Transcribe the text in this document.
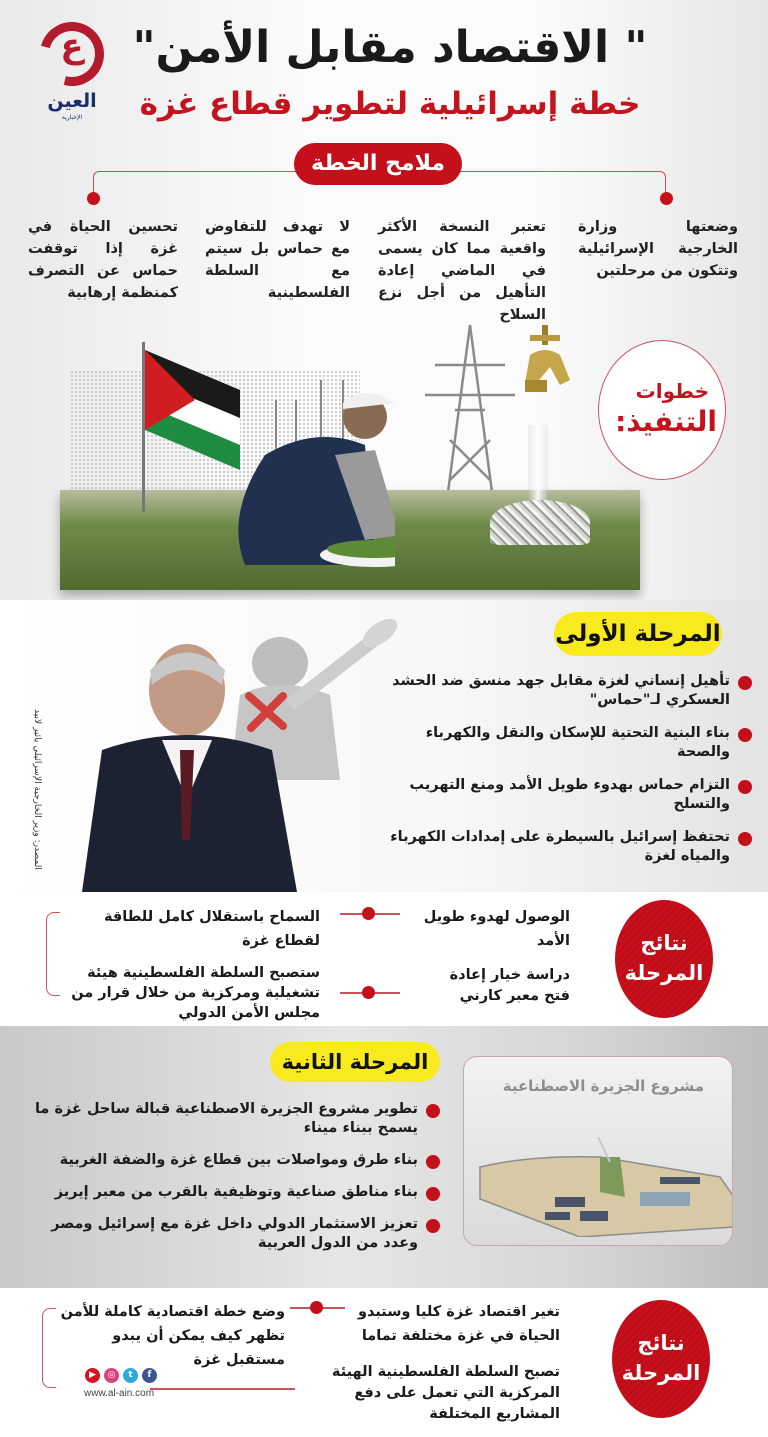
ع
العين
الإخبارية
" الاقتصاد مقابل الأمن"
خطة إسرائيلية لتطوير قطاع غزة
ملامح الخطة

وضعتها وزارة الخارجية الإسرائيلية وتتكون من مرحلتين

تعتبر النسخة الأكثر واقعية مما كان يسمى في الماضي إعادة التأهيل من أجل نزع السلاح

لا تهدف للتفاوض مع حماس بل سيتم مع السلطة الفلسطينية

تحسين الحياة في غزة إذا توقفت حماس عن التصرف كمنظمة إرهابية

خطوات
التنفيذ:
المصدر: وزير الخارجية الإسرائيلي يائير لابيد
المرحلة الأولى
تأهيل إنساني لغزة مقابل جهد منسق ضد الحشد العسكري لـ"حماس"
بناء البنية التحتية للإسكان والنقل والكهرباء والصحة
التزام حماس بهدوء طويل الأمد ومنع التهريب والتسلح
تحتفظ إسرائيل بالسيطرة على إمدادات الكهرباء والمياه لغزة
نتائج
المرحلة

الوصول لهدوء طويل الأمد

دراسة خيار إعادة فتح معبر كارني

السماح باستقلال كامل للطاقة لقطاع غزة

ستصبح السلطة الفلسطينية هيئة تشغيلية ومركزية من خلال قرار من مجلس الأمن الدولي

المرحلة الثانية
تطوير مشروع الجزيرة الاصطناعية قبالة ساحل غزة ما يسمح ببناء ميناء
بناء طرق ومواصلات بين قطاع غزة والضفة الغربية
بناء مناطق صناعية وتوظيفية بالقرب من معبر إيريز
تعزيز الاستثمار الدولي داخل غزة مع إسرائيل ومصر وعدد من الدول العربية
مشروع الجزيرة الاصطناعية
نتائج
المرحلة

تغير اقتصاد غزة كليا وستبدو الحياة في غزة مختلفة تماما

تصبح السلطة الفلسطينية الهيئة المركزية التي تعمل على دفع المشاريع المختلفة

وضع خطة اقتصادية كاملة للأمن تظهر كيف يمكن أن يبدو مستقبل غزة

▶	◎	t	f
www.al-ain.com
